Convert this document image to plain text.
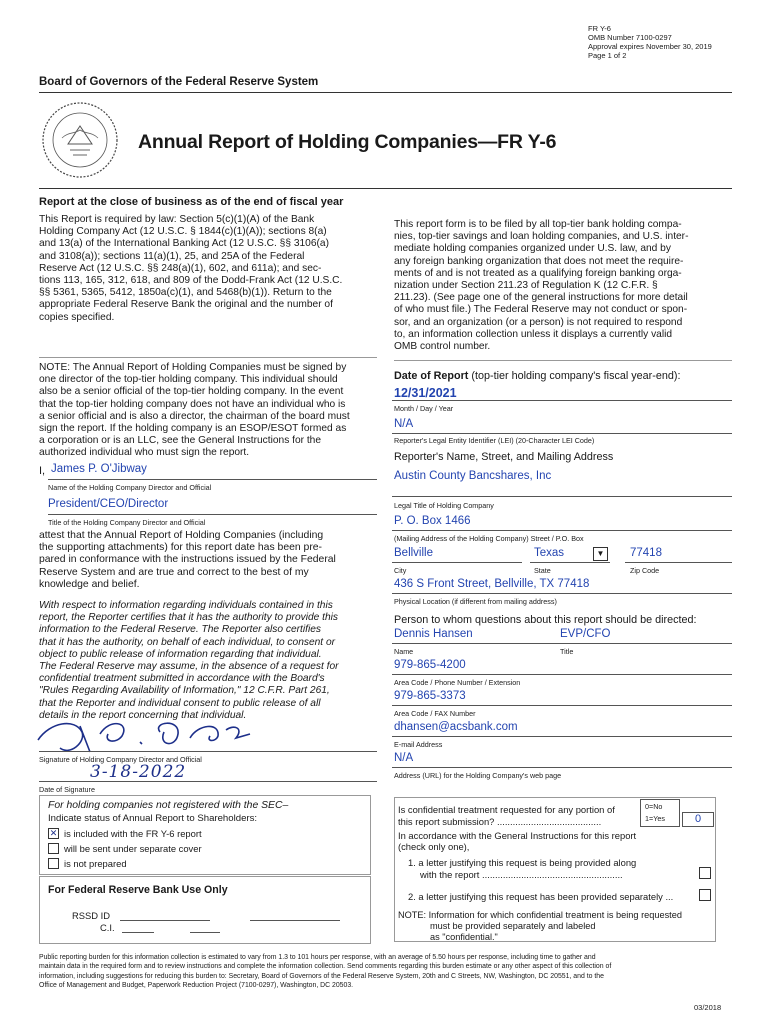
FR Y-6
OMB Number 7100-0297
Approval expires November 30, 2019
Page 1 of 2
Board of Governors of the Federal Reserve System
Annual Report of Holding Companies—FR Y-6
Report at the close of business as of the end of fiscal year
This Report is required by law: Section 5(c)(1)(A) of the Bank
Holding Company Act (12 U.S.C. § 1844(c)(1)(A)); sections 8(a)
and 13(a) of the International Banking Act (12 U.S.C. §§ 3106(a)
and 3108(a)); sections 11(a)(1), 25, and 25A of the Federal
Reserve Act (12 U.S.C. §§ 248(a)(1), 602, and 611a); and sec-
tions 113, 165, 312, 618, and 809 of the Dodd-Frank Act (12 U.S.C.
§§ 5361, 5365, 5412, 1850a(c)(1), and 5468(b)(1)). Return to the
appropriate Federal Reserve Bank the original and the number of
copies specified.
This report form is to be filed by all top-tier bank holding compa-
nies, top-tier savings and loan holding companies, and U.S. inter-
mediate holding companies organized under U.S. law, and by
any foreign banking organization that does not meet the require-
ments of and is not treated as a qualifying foreign banking orga-
nization under Section 211.23 of Regulation K (12 C.F.R. §
211.23). (See page one of the general instructions for more detail
of who must file.) The Federal Reserve may not conduct or spon-
sor, and an organization (or a person) is not required to respond
to, an information collection unless it displays a currently valid
OMB control number.
NOTE: The Annual Report of Holding Companies must be signed by
one director of the top-tier holding company. This individual should
also be a senior official of the top-tier holding company. In the event
that the top-tier holding company does not have an individual who is
a senior official and is also a director, the chairman of the board must
sign the report. If the holding company is an ESOP/ESOT formed as
a corporation or is an LLC, see the General Instructions for the
authorized individual who must sign the report.
I, James P. O'Jibway
Name of the Holding Company Director and Official
President/CEO/Director
Title of the Holding Company Director and Official
attest that the Annual Report of Holding Companies (including
the supporting attachments) for this report date has been pre-
pared in conformance with the instructions issued by the Federal
Reserve System and are true and correct to the best of my
knowledge and belief.
With respect to information regarding individuals contained in this
report, the Reporter certifies that it has the authority to provide this
information to the Federal Reserve. The Reporter also certifies
that it has the authority, on behalf of each individual, to consent or
object to public release of information regarding that individual.
The Federal Reserve may assume, in the absence of a request for
confidential treatment submitted in accordance with the Board's
"Rules Regarding Availability of Information," 12 C.F.R. Part 261,
that the Reporter and individual consent to public release of all
details in the report concerning that individual.
Signature of Holding Company Director and Official
3-18-2022
Date of Signature
Date of Report (top-tier holding company's fiscal year-end):
12/31/2021
Month / Day / Year
N/A
Reporter's Legal Entity Identifier (LEI) (20-Character LEI Code)
Reporter's Name, Street, and Mailing Address
Austin County Bancshares, Inc
Legal Title of Holding Company
P. O. Box 1466
(Mailing Address of the Holding Company) Street / P.O. Box
Bellville	Texas	▼	77418
City	State	Zip Code
436 S Front Street, Bellville, TX 77418
Physical Location (if different from mailing address)
Person to whom questions about this report should be directed:
Dennis Hansen	EVP/CFO
Name	Title
979-865-4200
Area Code / Phone Number / Extension
979-865-3373
Area Code / FAX Number
dhansen@acsbank.com
E-mail Address
N/A
Address (URL) for the Holding Company's web page
For holding companies not registered with the SEC–
Indicate status of Annual Report to Shareholders:
✕ is included with the FR Y-6 report
will be sent under separate cover
is not prepared
For Federal Reserve Bank Use Only
RSSD ID
C.I.
Is confidential treatment requested for any portion of
this report submission? ........................................
0=No
1=Yes	0
In accordance with the General Instructions for this report
(check only one),
1. a letter justifying this request is being provided along
with the report ......................................................
2. a letter justifying this request has been provided separately ...
NOTE: Information for which confidential treatment is being requested
must be provided separately and labeled
as "confidential."
Public reporting burden for this information collection is estimated to vary from 1.3 to 101 hours per response, with an average of 5.50 hours per response, including time to gather and
maintain data in the required form and to review instructions and complete the information collection. Send comments regarding this burden estimate or any other aspect of this collection of
information, including suggestions for reducing this burden to: Secretary, Board of Governors of the Federal Reserve System, 20th and C Streets, NW, Washington, DC 20551, and to the
Office of Management and Budget, Paperwork Reduction Project (7100-0297), Washington, DC 20503.
03/2018
